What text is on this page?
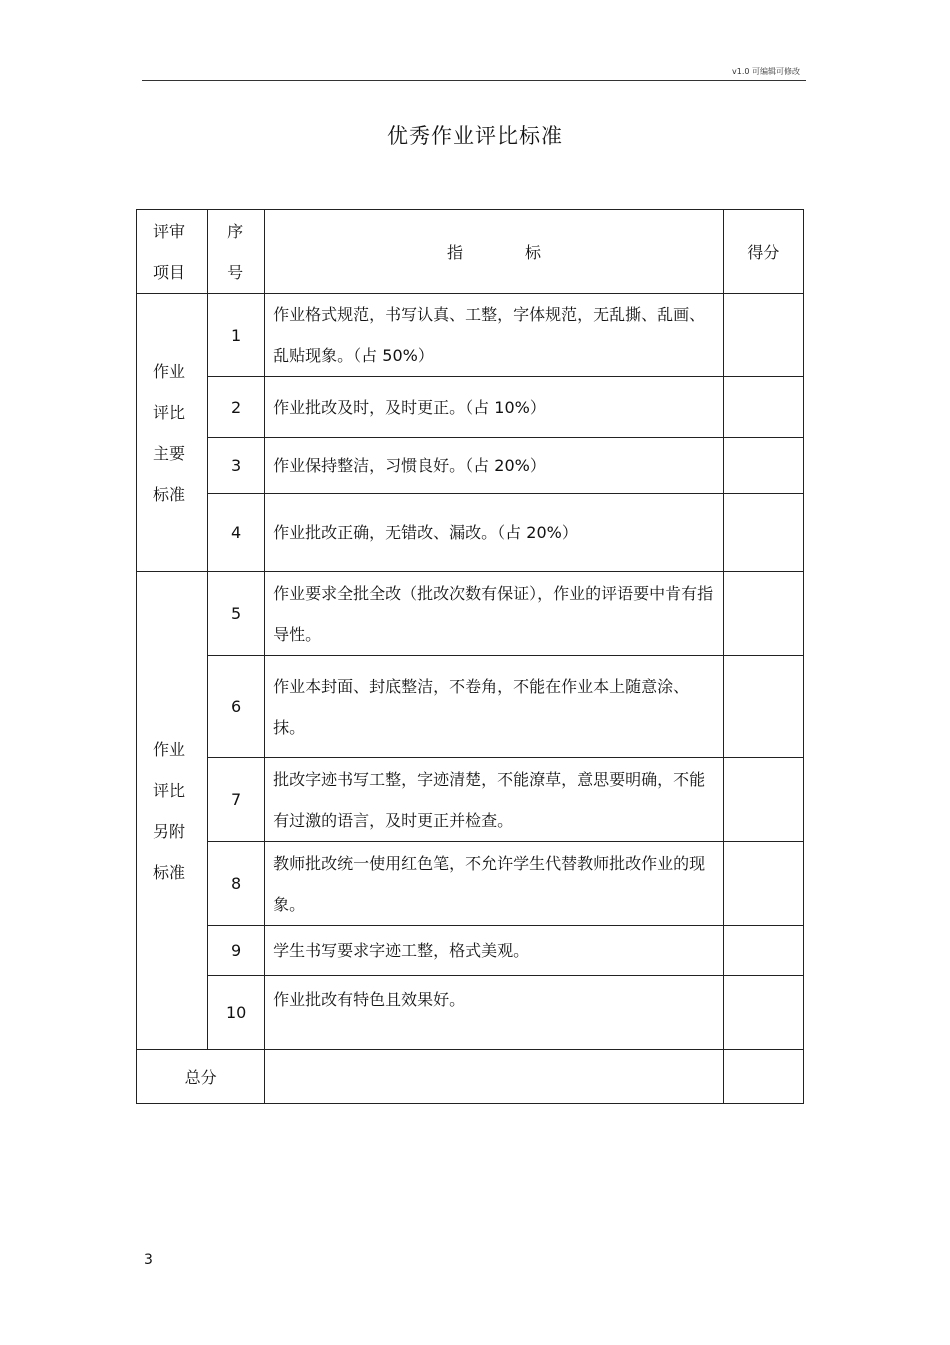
v1.0 可编辑可修改
优秀作业评比标准
评审项目	序号	指 标	得分

作业评比主要标准	1	作业格式规范，书写认真、工整，字体规范，无乱撕、乱画、乱贴现象。（占 50%）	
	2	作业批改及时，及时更正。（占 10%）	
	3	作业保持整洁，习惯良好。（占 20%）	
	4	作业批改正确，无错改、漏改。（占 20%）	

作业评比另附标准	5	作业要求全批全改（批改次数有保证），作业的评语要中肯有指导性。	
	6	作业本封面、封底整洁，不卷角，不能在作业本上随意涂、抹。	
	7	批改字迹书写工整，字迹清楚，不能潦草，意思要明确，不能有过激的语言，及时更正并检查。	
	8	教师批改统一使用红色笔，不允许学生代替教师批改作业的现象。	
	9	学生书写要求字迹工整，格式美观。	
	10	作业批改有特色且效果好。	
总分			
3
